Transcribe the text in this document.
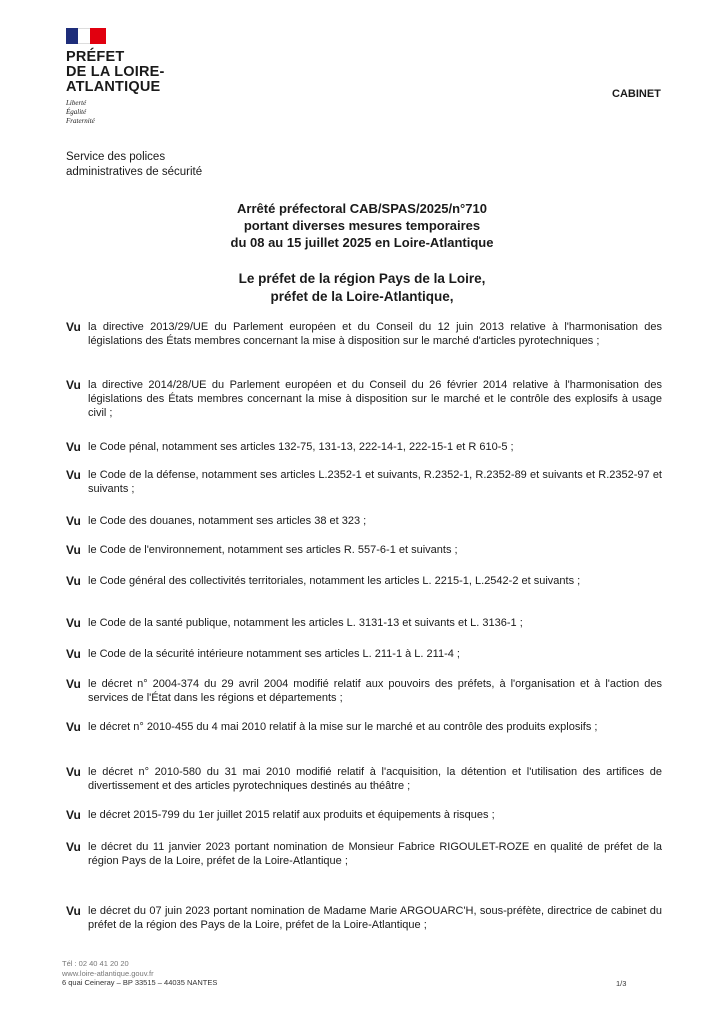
PRÉFET
DE LA LOIRE-
ATLANTIQUE
Liberté
Égalité
Fraternité
CABINET
Service des polices
administratives de sécurité
Arrêté préfectoral CAB/SPAS/2025/n°710
portant diverses mesures temporaires
du 08 au 15 juillet 2025 en Loire-Atlantique
Le préfet de la région Pays de la Loire,
préfet de la Loire-Atlantique,
Vu la directive 2013/29/UE du Parlement européen et du Conseil du 12 juin 2013 relative à l'harmonisation des législations des États membres concernant la mise à disposition sur le marché d'articles pyrotechniques ;
Vu la directive 2014/28/UE du Parlement européen et du Conseil du 26 février 2014 relative à l'harmonisation des législations des États membres concernant la mise à disposition sur le marché et le contrôle des explosifs à usage civil ;
Vu le Code pénal, notamment ses articles 132-75, 131-13, 222-14-1, 222-15-1 et R 610-5 ;
Vu le Code de la défense, notamment ses articles L.2352-1 et suivants, R.2352-1, R.2352-89 et suivants et R.2352-97 et suivants ;
Vu le Code des douanes, notamment ses articles 38 et 323 ;
Vu le Code de l'environnement, notamment ses articles R. 557-6-1 et suivants ;
Vu le Code général des collectivités territoriales, notamment les articles L. 2215-1, L.2542-2 et suivants ;
Vu le Code de la santé publique, notamment les articles L. 3131-13 et suivants et L. 3136-1 ;
Vu le Code de la sécurité intérieure notamment ses articles L. 211-1 à L. 211-4 ;
Vu le décret n° 2004-374 du 29 avril 2004 modifié relatif aux pouvoirs des préfets, à l'organisation et à l'action des services de l'État dans les régions et départements ;
Vu le décret n° 2010-455 du 4 mai 2010 relatif à la mise sur le marché et au contrôle des produits explosifs ;
Vu le décret n° 2010-580 du 31 mai 2010 modifié relatif à l'acquisition, la détention et l'utilisation des artifices de divertissement et des articles pyrotechniques destinés au théâtre ;
Vu le décret 2015-799 du 1er juillet 2015 relatif aux produits et équipements à risques ;
Vu le décret du 11 janvier 2023 portant nomination de Monsieur Fabrice RIGOULET-ROZE en qualité de préfet de la région Pays de la Loire, préfet de la Loire-Atlantique ;
Vu le décret du 07 juin 2023 portant nomination de Madame Marie ARGOUARC'H, sous-préfète, directrice de cabinet du préfet de la région des Pays de la Loire, préfet de la Loire-Atlantique ;
Tél : 02 40 41 20 20
www.loire-atlantique.gouv.fr
6 quai Ceineray – BP 33515 – 44035 NANTES	1/3
